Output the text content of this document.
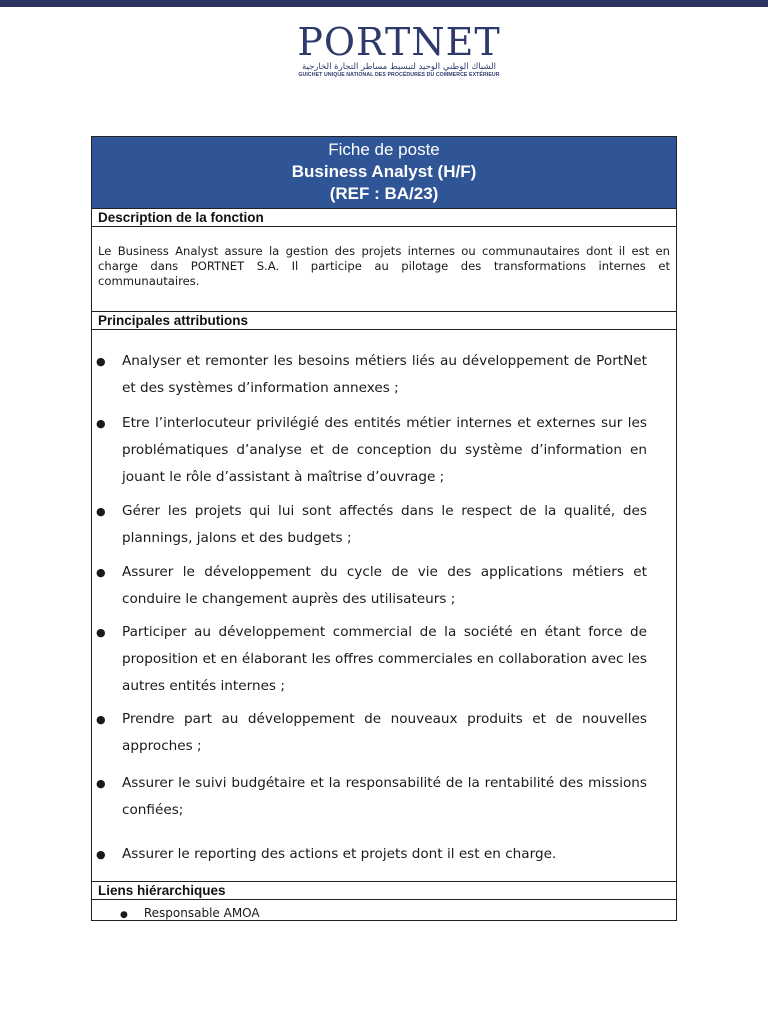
PORTNET
الشباك الوطني الوحيد لتبسيط مساطر التجارة الخارجية
GUICHET UNIQUE NATIONAL DES PROCÉDURES DU COMMERCE EXTÉRIEUR
Fiche de poste
Business Analyst (H/F)
(REF : BA/23)
Description de la fonction
Le Business Analyst assure la gestion des projets internes ou communautaires dont il est en charge dans PORTNET S.A. Il participe au pilotage des transformations internes et communautaires.
Principales attributions
● Analyser et remonter les besoins métiers liés au développement de PortNet et des systèmes d’information annexes ;
● Etre l’interlocuteur privilégié des entités métier internes et externes sur les problématiques d’analyse et de conception du système d’information en jouant le rôle d’assistant à maîtrise d’ouvrage ;
● Gérer les projets qui lui sont affectés dans le respect de la qualité, des plannings, jalons et des budgets ;
● Assurer le développement du cycle de vie des applications métiers et conduire le changement auprès des utilisateurs ;
● Participer au développement commercial de la société en étant force de proposition et en élaborant les offres commerciales en collaboration avec les autres entités internes ;
● Prendre part au développement de nouveaux produits et de nouvelles approches ;
● Assurer le suivi budgétaire et la responsabilité de la rentabilité des missions confiées;
● Assurer le reporting des actions et projets dont il est en charge.
Liens hiérarchiques
● Responsable AMOA
